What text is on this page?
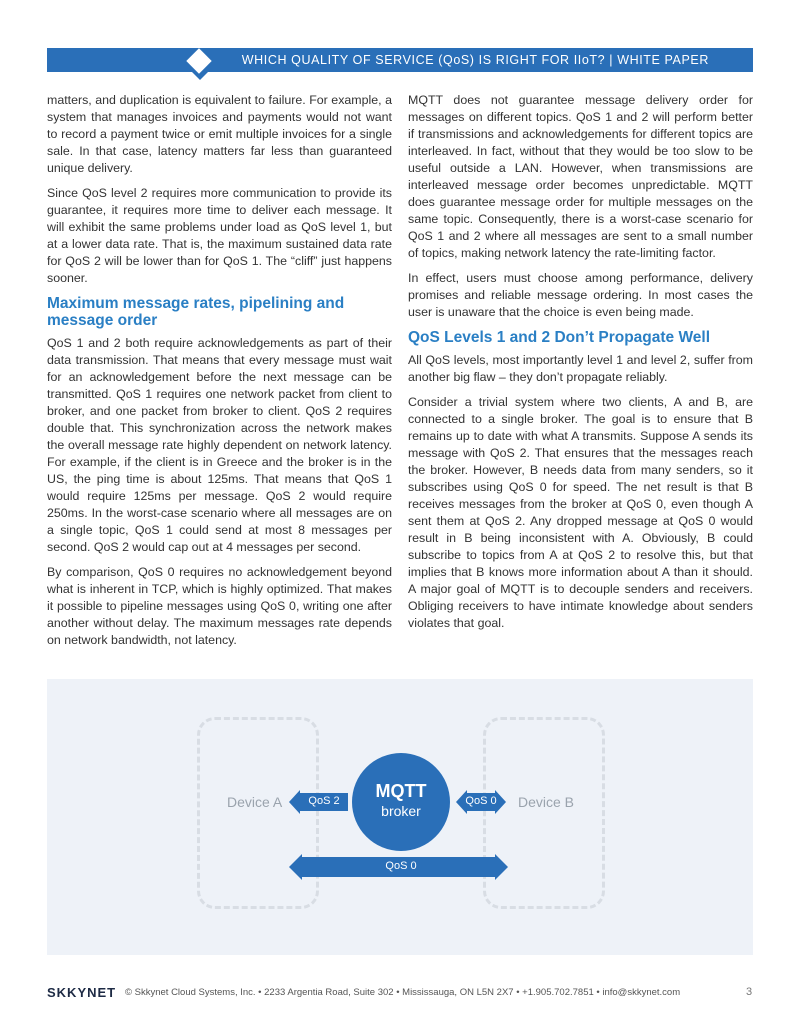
WHICH QUALITY OF SERVICE (QoS) IS RIGHT FOR IIoT? | WHITE PAPER

matters, and duplication is equivalent to failure. For example, a system that manages invoices and payments would not want to record a payment twice or emit multiple invoices for a single sale. In that case, latency matters far less than guaranteed unique delivery.

Since QoS level 2 requires more communication to provide its guarantee, it requires more time to deliver each message. It will exhibit the same problems under load as QoS level 1, but at a lower data rate. That is, the maximum sustained data rate for QoS 2 will be lower than for QoS 1. The “cliff” just happens sooner.

Maximum message rates, pipelining and message order

QoS 1 and 2 both require acknowledgements as part of their data transmission. That means that every message must wait for an acknowledgement before the next message can be transmitted. QoS 1 requires one network packet from client to broker, and one packet from broker to client. QoS 2 requires double that. This synchronization across the network makes the overall message rate highly dependent on network latency. For example, if the client is in Greece and the broker is in the US, the ping time is about 125ms. That means that QoS 1 would require 125ms per message. QoS 2 would require 250ms. In the worst-case scenario where all messages are on a single topic, QoS 1 could send at most 8 messages per second. QoS 2 would cap out at 4 messages per second.

By comparison, QoS 0 requires no acknowledgement beyond what is inherent in TCP, which is highly optimized. That makes it possible to pipeline messages using QoS 0, writing one after another without delay. The maximum messages rate depends on network bandwidth, not latency.

MQTT does not guarantee message delivery order for messages on different topics. QoS 1 and 2 will perform better if transmissions and acknowledgements for different topics are interleaved. In fact, without that they would be too slow to be useful outside a LAN. However, when transmissions are interleaved message order becomes unpredictable. MQTT does guarantee message order for multiple messages on the same topic. Consequently, there is a worst-case scenario for QoS 1 and 2 where all messages are sent to a small number of topics, making network latency the rate-limiting factor.

In effect, users must choose among performance, delivery promises and reliable message ordering. In most cases the user is unaware that the choice is even being made.

QoS Levels 1 and 2 Don’t Propagate Well

All QoS levels, most importantly level 1 and level 2, suffer from another big flaw – they don’t propagate reliably.

Consider a trivial system where two clients, A and B, are connected to a single broker. The goal is to ensure that B remains up to date with what A transmits. Suppose A sends its message with QoS 2. That ensures that the messages reach the broker. However, B needs data from many senders, so it subscribes using QoS 0 for speed. The net result is that B receives messages from the broker at QoS 0, even though A sent them at QoS 2. Any dropped message at QoS 0 would result in B being inconsistent with A. Obviously, B could subscribe to topics from A at QoS 2 to resolve this, but that implies that B knows more information about A than it should. A major goal of MQTT is to decouple senders and receivers. Obliging receivers to have intimate knowledge about senders violates that goal.

Device A	Device B
QoS 2	QoS 0
QoS 0
MQTT
broker
SKKYNET © Skkynet Cloud Systems, Inc. • 2233 Argentia Road, Suite 302 • Mississauga, ON L5N 2X7 • +1.905.702.7851 • info@skkynet.com	3
